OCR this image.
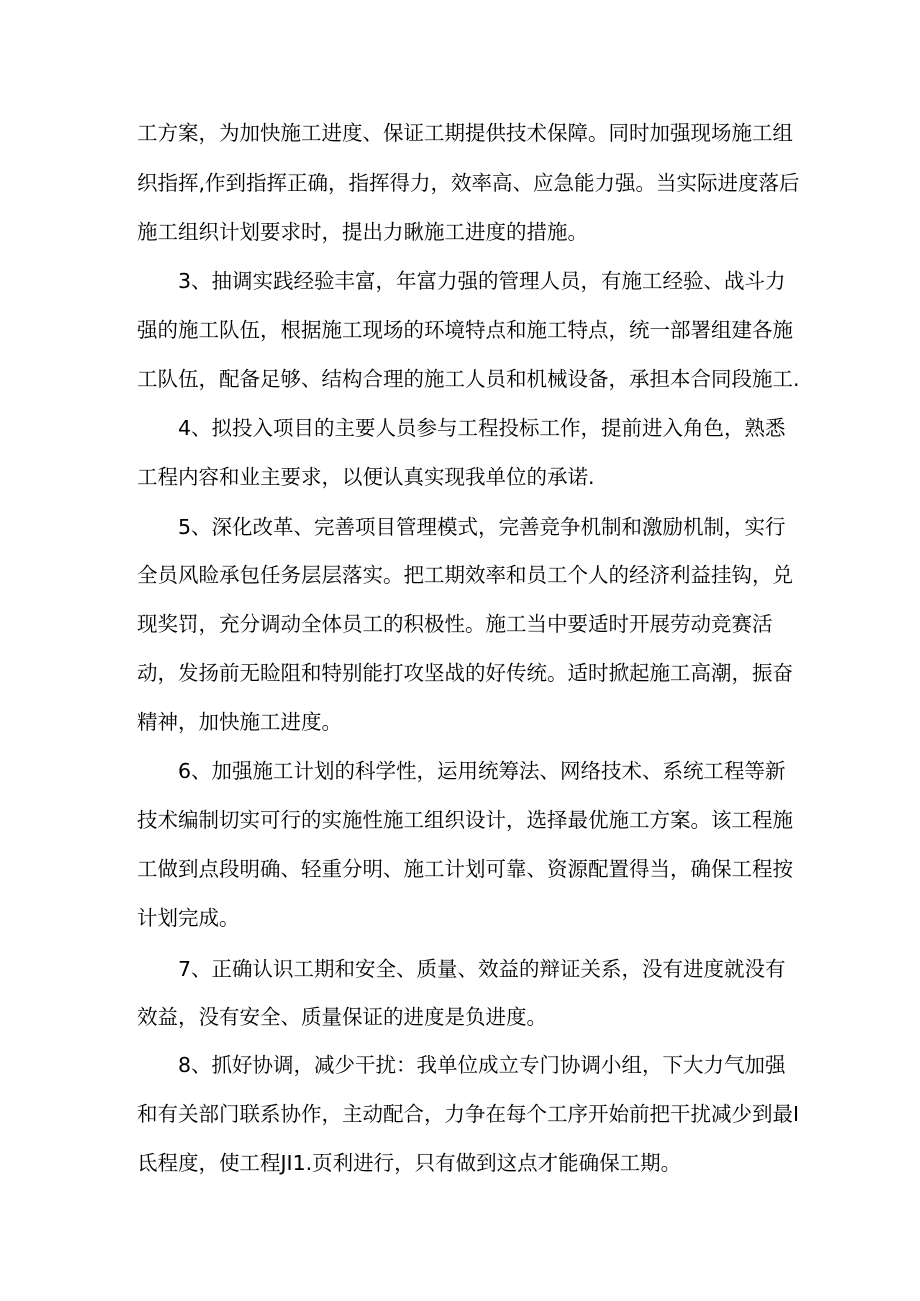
工方案，为加快施工进度、保证工期提供技术保障。同时加强现场施工组
织指挥,作到指挥正确，指挥得力，效率高、应急能力强。当实际进度落后
施工组织计划要求时，提出力瞅施工进度的措施。
3、抽调实践经验丰富，年富力强的管理人员，有施工经验、战斗力
强的施工队伍，根据施工现场的环境特点和施工特点，统一部署组建各施
工队伍，配备足够、结构合理的施工人员和机械设备，承担本合同段施工.
4、拟投入项目的主要人员参与工程投标工作，提前进入角色，熟悉
工程内容和业主要求，以便认真实现我单位的承诺.
5、深化改革、完善项目管理模式，完善竞争机制和激励机制，实行
全员风睑承包任务层层落实。把工期效率和员工个人的经济利益挂钩，兑
现奖罚，充分调动全体员工的积极性。施工当中要适时开展劳动竞赛活
动，发扬前无睑阻和特别能打攻坚战的好传统。适时掀起施工高潮，振奋
精神，加快施工进度。
6、加强施工计划的科学性，运用统筹法、网络技术、系统工程等新
技术编制切实可行的实施性施工组织设计，选择最优施工方案。该工程施
工做到点段明确、轻重分明、施工计划可靠、资源配置得当，确保工程按
计划完成。
7、正确认识工期和安全、质量、效益的辩证关系，没有进度就没有
效益，没有安全、质量保证的进度是负进度。
8、抓好协调，减少干扰：我单位成立专门协调小组，下大力气加强
和有关部门联系协作，主动配合，力争在每个工序开始前把干扰减少到最I
氐程度，使工程JI1.页利进行，只有做到这点才能确保工期。
